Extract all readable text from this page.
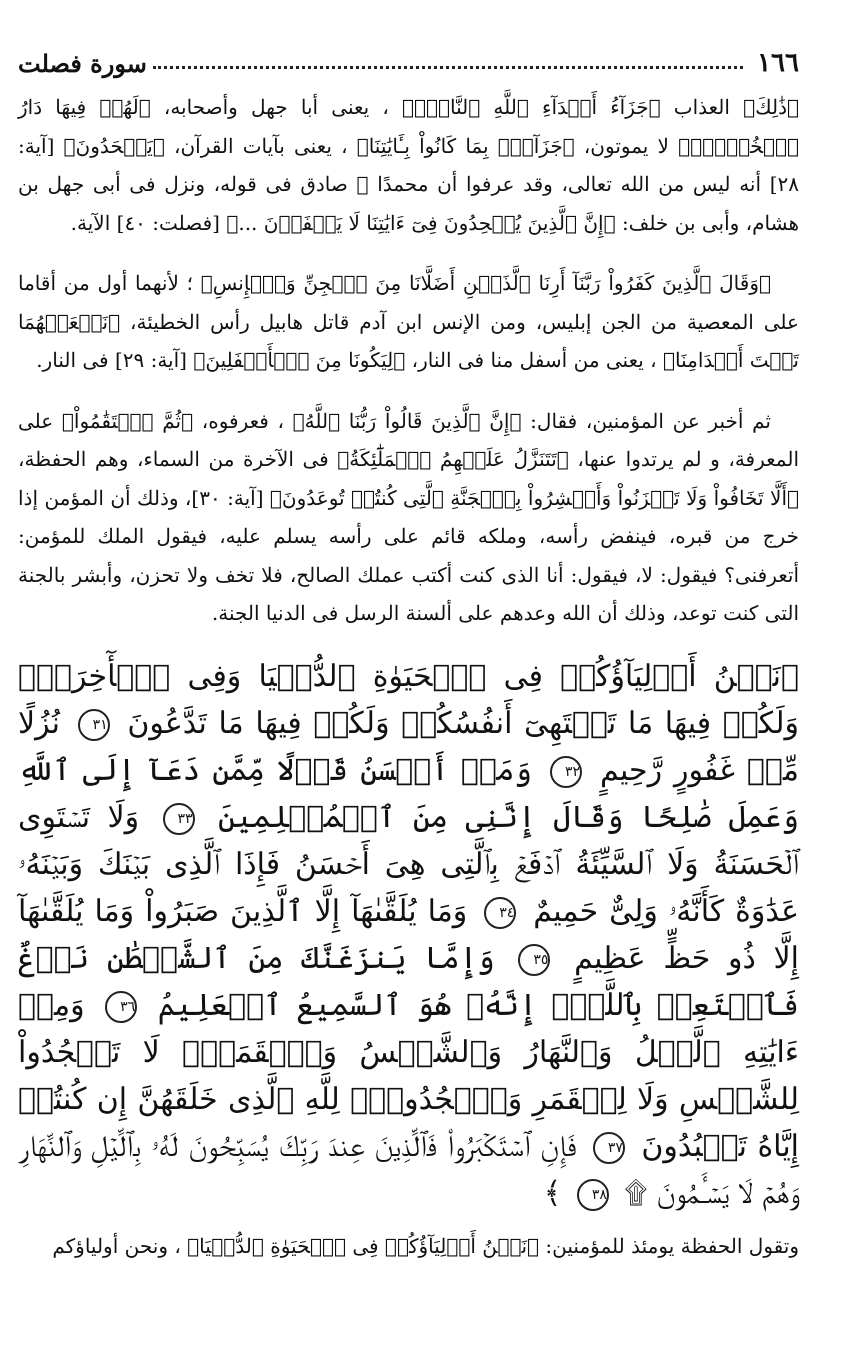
١٦٦
سورة فصلت

﴿ذَٰلِكَ﴾ العذاب ﴿جَزَآءُ أَعۡدَآءِ ٱللَّهِ ٱلنَّارُۖ﴾ ، يعنى أبا جهل وأصحابه، ﴿لَهُمۡ فِيهَا دَارُ ٱلۡخُلۡدِۖ﴾ لا يموتون، ﴿جَزَآءَۢ بِمَا كَانُواْ بِـَٔايَٰتِنَا﴾ ، يعنى بآيات القرآن، ﴿يَجۡحَدُونَ﴾ [آية: ٢٨] أنه ليس من الله تعالى، وقد عرفوا أن محمدًا ﷺ صادق فى قوله، ونزل فى أبى جهل بن هشام، وأبى بن خلف: ﴿إِنَّ ٱلَّذِينَ يُلۡحِدُونَ فِىٓ ءَايَٰتِنَا لَا يَخۡفَوۡنَ ...﴾ [فصلت: ٤٠] الآية.

﴿وَقَالَ ٱلَّذِينَ كَفَرُواْ رَبَّنَآ أَرِنَا ٱلَّذَيۡنِ أَضَلَّانَا مِنَ ٱلۡجِنِّ وَٱلۡإِنسِ﴾ ؛ لأنهما أول من أقاما على المعصية من الجن إبليس، ومن الإنس ابن آدم قاتل هابيل رأس الخطيئة، ﴿نَجۡعَلۡهُمَا تَحۡتَ أَقۡدَامِنَا﴾ ، يعنى من أسفل منا فى النار، ﴿لِيَكُونَا مِنَ ٱلۡأَسۡفَلِينَ﴾ [آية: ٢٩] فى النار.

ثم أخبر عن المؤمنين، فقال: ﴿إِنَّ ٱلَّذِينَ قَالُواْ رَبُّنَا ٱللَّهُ﴾ ، فعرفوه، ﴿ثُمَّ ٱسۡتَقَٰمُواْ﴾ على المعرفة، و لم يرتدوا عنها، ﴿تَتَنَزَّلُ عَلَيۡهِمُ ٱلۡمَلَٰٓئِكَةُ﴾ فى الآخرة من السماء، وهم الحفظة، ﴿أَلَّا تَخَافُواْ وَلَا تَحۡزَنُواْ وَأَبۡشِرُواْ بِٱلۡجَنَّةِ ٱلَّتِى كُنتُمۡ تُوعَدُونَ﴾ [آية: ٣٠]، وذلك أن المؤمن إذا خرج من قبره، فينفض رأسه، وملكه قائم على رأسه يسلم عليه، فيقول الملك للمؤمن: أتعرفنى؟ فيقول: لا، فيقول: أنا الذى كنت أكتب عملك الصالح، فلا تخف ولا تحزن، وأبشر بالجنة التى كنت توعد، وذلك أن الله وعدهم على ألسنة الرسل فى الدنيا الجنة.

﴿نَحۡنُ أَوۡلِيَآؤُكُمۡ فِى ٱلۡحَيَوٰةِ ٱلدُّنۡيَا وَفِى ٱلۡأٓخِرَةِۖ وَلَكُمۡ فِيهَا مَا تَشۡتَهِىٓ أَنفُسُكُمۡ وَلَكُمۡ فِيهَا مَا تَدَّعُونَ ٣١ نُزُلًا مِّنۡ غَفُورٍ رَّحِيمٍ ٣٢ وَمَنۡ أَحۡسَنُ قَوۡلًا مِّمَّن دَعَآ إِلَى ٱللَّهِ وَعَمِلَ صَٰلِحًا وَقَالَ إِنَّنِى مِنَ ٱلۡمُسۡلِمِينَ ٣٣ وَلَا تَسۡتَوِى ٱلۡحَسَنَةُ وَلَا ٱلسَّيِّئَةُ ٱدۡفَعۡ بِٱلَّتِى هِىَ أَحۡسَنُ فَإِذَا ٱلَّذِى بَيۡنَكَ وَبَيۡنَهُۥ عَدَٰوَةٌ كَأَنَّهُۥ وَلِىٌّ حَمِيمٌ ٣٤ وَمَا يُلَقَّىٰهَآ إِلَّا ٱلَّذِينَ صَبَرُواْ وَمَا يُلَقَّىٰهَآ إِلَّا ذُو حَظٍّ عَظِيمٍ ٣٥ وَإِمَّا يَنزَغَنَّكَ مِنَ ٱلشَّيۡطَٰنِ نَزۡغٌ فَٱسۡتَعِذۡ بِٱللَّهِۖ إِنَّهُۥ هُوَ ٱلسَّمِيعُ ٱلۡعَلِيمُ ٣٦ وَمِنۡ ءَايَٰتِهِ ٱلَّيۡلُ وَٱلنَّهَارُ وَٱلشَّمۡسُ وَٱلۡقَمَرُۚ لَا تَسۡجُدُواْ لِلشَّمۡسِ وَلَا لِلۡقَمَرِ وَٱسۡجُدُواْۤ لِلَّهِ ٱلَّذِى خَلَقَهُنَّ إِن كُنتُمۡ إِيَّاهُ تَعۡبُدُونَ ٣٧ فَإِنِ ٱسۡتَكۡبَرُواْ فَٱلَّذِينَ عِندَ رَبِّكَ يُسَبِّحُونَ لَهُۥ بِٱلَّيۡلِ وَٱلنَّهَارِ وَهُمۡ لَا يَسۡـَٔمُونَ ۩ ٣٨ ﴾

وتقول الحفظة يومئذ للمؤمنين: ﴿نَحۡنُ أَوۡلِيَآؤُكُمۡ فِى ٱلۡحَيَوٰةِ ٱلدُّنۡيَا﴾ ، ونحن أولياؤكم
